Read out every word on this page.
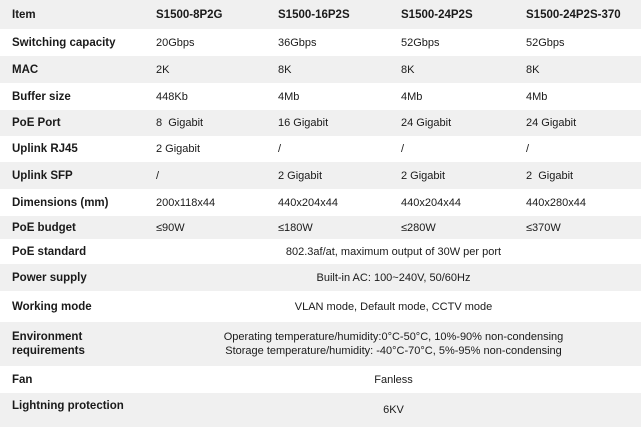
Item	S1500-8P2G	S1500-16P2S	S1500-24P2S	S1500-24P2S-370
Switching capacity	20Gbps	36Gbps	52Gbps	52Gbps
MAC	2K	8K	8K	8K
Buffer size	448Kb	4Mb	4Mb	4Mb
PoE Port	8  Gigabit	16 Gigabit	24 Gigabit	24 Gigabit
Uplink RJ45	2 Gigabit	/	/	/
Uplink SFP	/	2 Gigabit	2 Gigabit	2  Gigabit
Dimensions (mm)	200x118x44	440x204x44	440x204x44	440x280x44
PoE budget	≤90W	≤180W	≤280W	≤370W
PoE standard	802.3af/at, maximum output of 30W per port			
Power supply	Built-in AC: 100~240V, 50/60Hz			
Working mode	VLAN mode, Default mode, CCTV mode			

Environment
requirements	Operating temperature/humidity:0°C-50°C, 10%-90% non-condensing
Storage temperature/humidity: -40°C-70°C, 5%-95% non-condensing			

Fan	Fanless			
Lightning protection	6KV			
